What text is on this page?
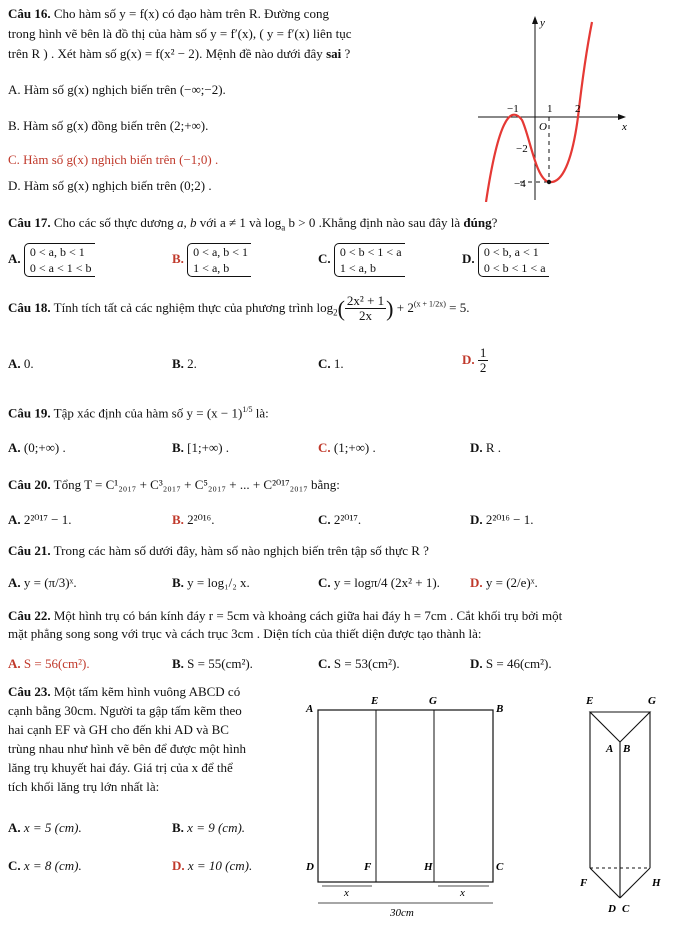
Câu 16. Cho hàm số y = f(x) có đạo hàm trên R. Đường cong
trong hình vẽ bên là đồ thị của hàm số y = f′(x), ( y = f′(x) liên tục
trên R ) . Xét hàm số g(x) = f(x² − 2). Mệnh đề nào dưới đây sai ?
A. Hàm số g(x) nghịch biến trên (−∞;−2).
B. Hàm số g(x) đồng biến trên (2;+∞).
C. Hàm số g(x) nghịch biến trên (−1;0) .
D. Hàm số g(x) nghịch biến trên (0;2) .
y
x
O
−1	1 2
−2
−4
Câu 17. Cho các số thực dương a, b với a ≠ 1 và $\log_a b > 0$ .Khẳng định nào sau đây là đúng?
A. 0 < a, b < 1
0 < a < 1 < b
B. 0 < a, b < 1
1 < a, b
C. 0 < b < 1 < a
1 < a, b
D. 0 < b, a < 1
0 < b < 1 < a
Câu 18. Tính tích tất cả các nghiệm thực của phương trình $\log_2( \frac{\text{2x² + 1}}{2x}$ ) + $2^{(x + 1/2x)} = 5$.
A. 0.	B. 2.	C. 1.	D. $\frac{1}{2}$
Câu 19. Tập xác định của hàm số $y = (x - 1)^{1/5}$ là:
A. (0;+∞) .	B. [1;+∞) .	C. (1;+∞) .	D. R .
Câu 20. Tổng T = C¹₂₀₁₇ + C³₂₀₁₇ + C⁵₂₀₁₇ + ... + C²⁰¹⁷₂₀₁₇ bằng:
A. 2²⁰¹⁷ − 1.	B. 2²⁰¹⁶.	C. 2²⁰¹⁷.	D. 2²⁰¹⁶ − 1.
Câu 21. Trong các hàm số dưới đây, hàm số nào nghịch biến trên tập số thực R ?
A. y = (π/3)ˣ.	B. y = log₁/₂ x.	C. y = logπ/4 (2x² + 1). D. y = (2/e)ˣ.
Câu 22. Một hình trụ có bán kính đáy r = 5cm và khoảng cách giữa hai đáy h = 7cm . Cắt khối trụ bởi một
mặt phẳng song song với trục và cách trục 3cm . Diện tích của thiết diện được tạo thành là:
A. S = 56(cm²).	B. S = 55(cm²).	C. S = 53(cm²).	D. S = 46(cm²).
Câu 23. Một tấm kẽm hình vuông ABCD có
cạnh bằng 30cm. Người ta gập tấm kẽm theo
hai cạnh EF và GH cho đến khi AD và BC
trùng nhau như hình vẽ bên để được một hình
lăng trụ khuyết hai đáy. Giá trị của x để thể
tích khối lăng trụ lớn nhất là:
A. x = 5 (cm).	B. x = 9 (cm).
C. x = 8 (cm).	D. x = 10 (cm).
A	B
C
D
E	G
F	H
x	x
30cm
E	G
A B
F	H
D C
